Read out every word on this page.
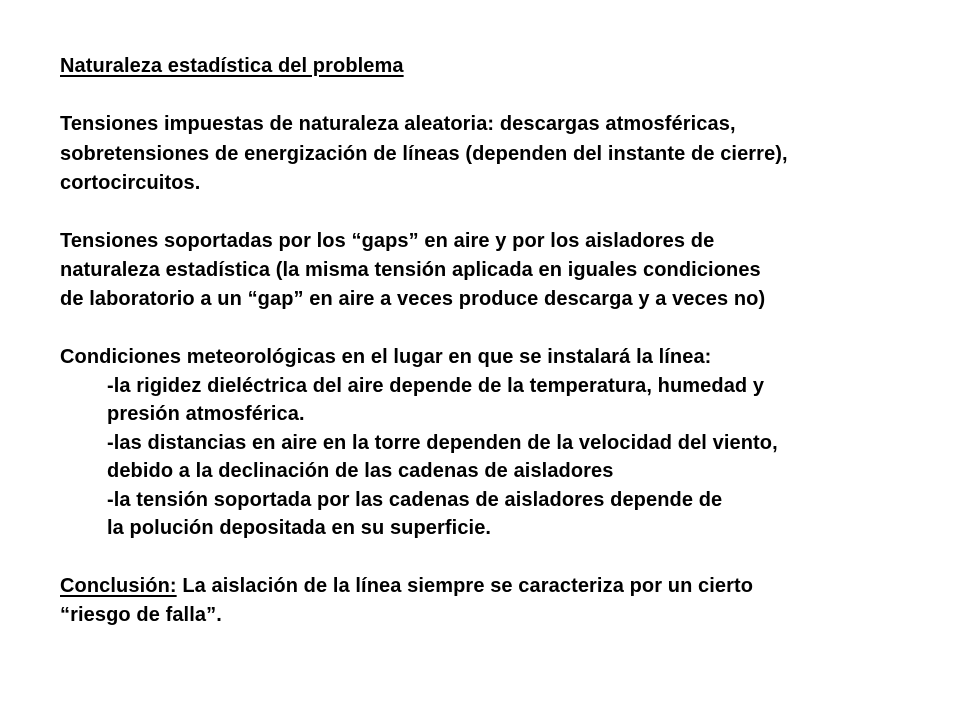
Naturaleza estadística del problema
Tensiones impuestas de naturaleza aleatoria: descargas atmosféricas,
sobretensiones de energización de líneas (dependen del instante de cierre),
cortocircuitos.
Tensiones soportadas por los “gaps” en aire y por los aisladores de
naturaleza estadística (la misma tensión aplicada en iguales condiciones
de laboratorio a un “gap” en aire a veces produce descarga y a veces no)
Condiciones meteorológicas en el lugar en que se instalará la línea:
-la rigidez dieléctrica del aire depende de la temperatura, humedad y
presión atmosférica.
-las distancias en aire en la torre dependen de la velocidad del viento,
debido a la declinación de las cadenas de aisladores
-la tensión soportada por las cadenas de aisladores depende de
la polución depositada en su superficie.
Conclusión: La aislación de la línea siempre se caracteriza por un cierto
“riesgo de falla”.
